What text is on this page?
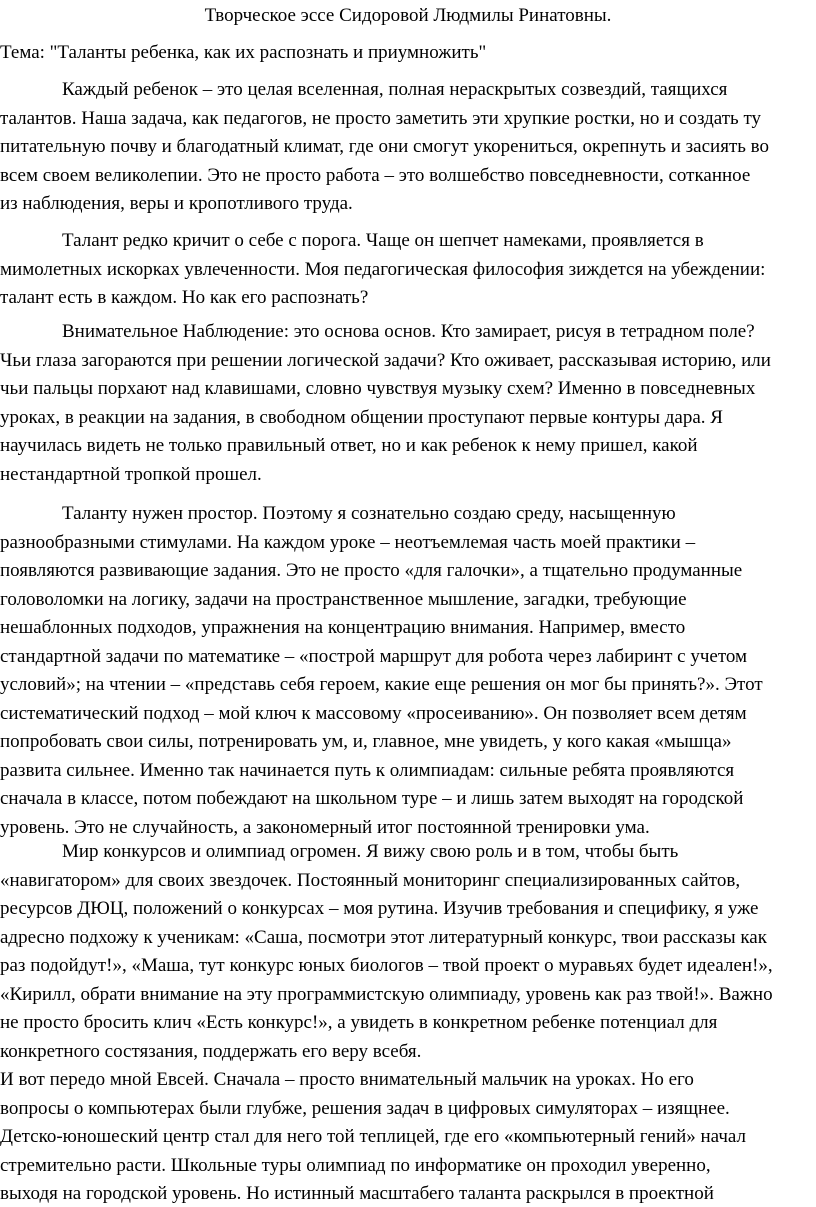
Творческое эссе Сидоровой Людмилы Ринатовны.

Тема: "Таланты ребенка, как их распознать и приумножить"

Каждый ребенок – это целая вселенная, полная нераскрытых созвездий, таящихся
талантов. Наша задача, как педагогов, не просто заметить эти хрупкие ростки, но и создать ту
питательную почву и благодатный климат, где они смогут укорениться, окрепнуть и засиять во
всем своем великолепии. Это не просто работа – это волшебство повседневности, сотканное
из наблюдения, веры и кропотливого труда.
Талант редко кричит о себе с порога. Чаще он шепчет намеками, проявляется в
мимолетных искорках увлеченности. Моя педагогическая философия зиждется на убеждении:
талант есть в каждом. Но как его распознать?
Внимательное Наблюдение: это основа основ. Кто замирает, рисуя в тетрадном поле?
Чьи глаза загораются при решении логической задачи? Кто оживает, рассказывая историю, или
чьи пальцы порхают над клавишами, словно чувствуя музыку схем? Именно в повседневных
уроках, в реакции на задания, в свободном общении проступают первые контуры дара. Я
научилась видеть не только правильный ответ, но и как ребенок к нему пришел, какой
нестандартной тропкой прошел.
Таланту нужен простор. Поэтому я сознательно создаю среду, насыщенную
разнообразными стимулами. На каждом уроке – неотъемлемая часть моей практики –
появляются развивающие задания. Это не просто «для галочки», а тщательно продуманные
головоломки на логику, задачи на пространственное мышление, загадки, требующие
нешаблонных подходов, упражнения на концентрацию внимания. Например, вместо
стандартной задачи по математике – «построй маршрут для робота через лабиринт с учетом
условий»; на чтении – «представь себя героем, какие еще решения он мог бы принять?». Этот
систематический подход – мой ключ к массовому «просеиванию». Он позволяет всем детям
попробовать свои силы, потренировать ум, и, главное, мне увидеть, у кого какая «мышца»
развита сильнее. Именно так начинается путь к олимпиадам: сильные ребята проявляются
сначала в классе, потом побеждают на школьном туре – и лишь затем выходят на городской
уровень. Это не случайность, а закономерный итог постоянной тренировки ума.
Мир конкурсов и олимпиад огромен. Я вижу свою роль и в том, чтобы быть
«навигатором» для своих звездочек. Постоянный мониторинг специализированных сайтов,
ресурсов ДЮЦ, положений о конкурсах – моя рутина. Изучив требования и специфику, я уже
адресно подхожу к ученикам: «Саша, посмотри этот литературный конкурс, твои рассказы как
раз подойдут!», «Маша, тут конкурс юных биологов – твой проект о муравьях будет идеален!»,
«Кирилл, обрати внимание на эту программистскую олимпиаду, уровень как раз твой!». Важно
не просто бросить клич «Есть конкурс!», а увидеть в конкретном ребенке потенциал для
конкретного состязания, поддержать его веру всебя.
И вот передо мной Евсей. Сначала – просто внимательный мальчик на уроках. Но его
вопросы о компьютерах были глубже, решения задач в цифровых симуляторах – изящнее.
Детско-юношеский центр стал для него той теплицей, где его «компьютерный гений» начал
стремительно расти. Школьные туры олимпиад по информатике он проходил уверенно,
выходя на городской уровень. Но истинный масштабего таланта раскрылся в проектной
